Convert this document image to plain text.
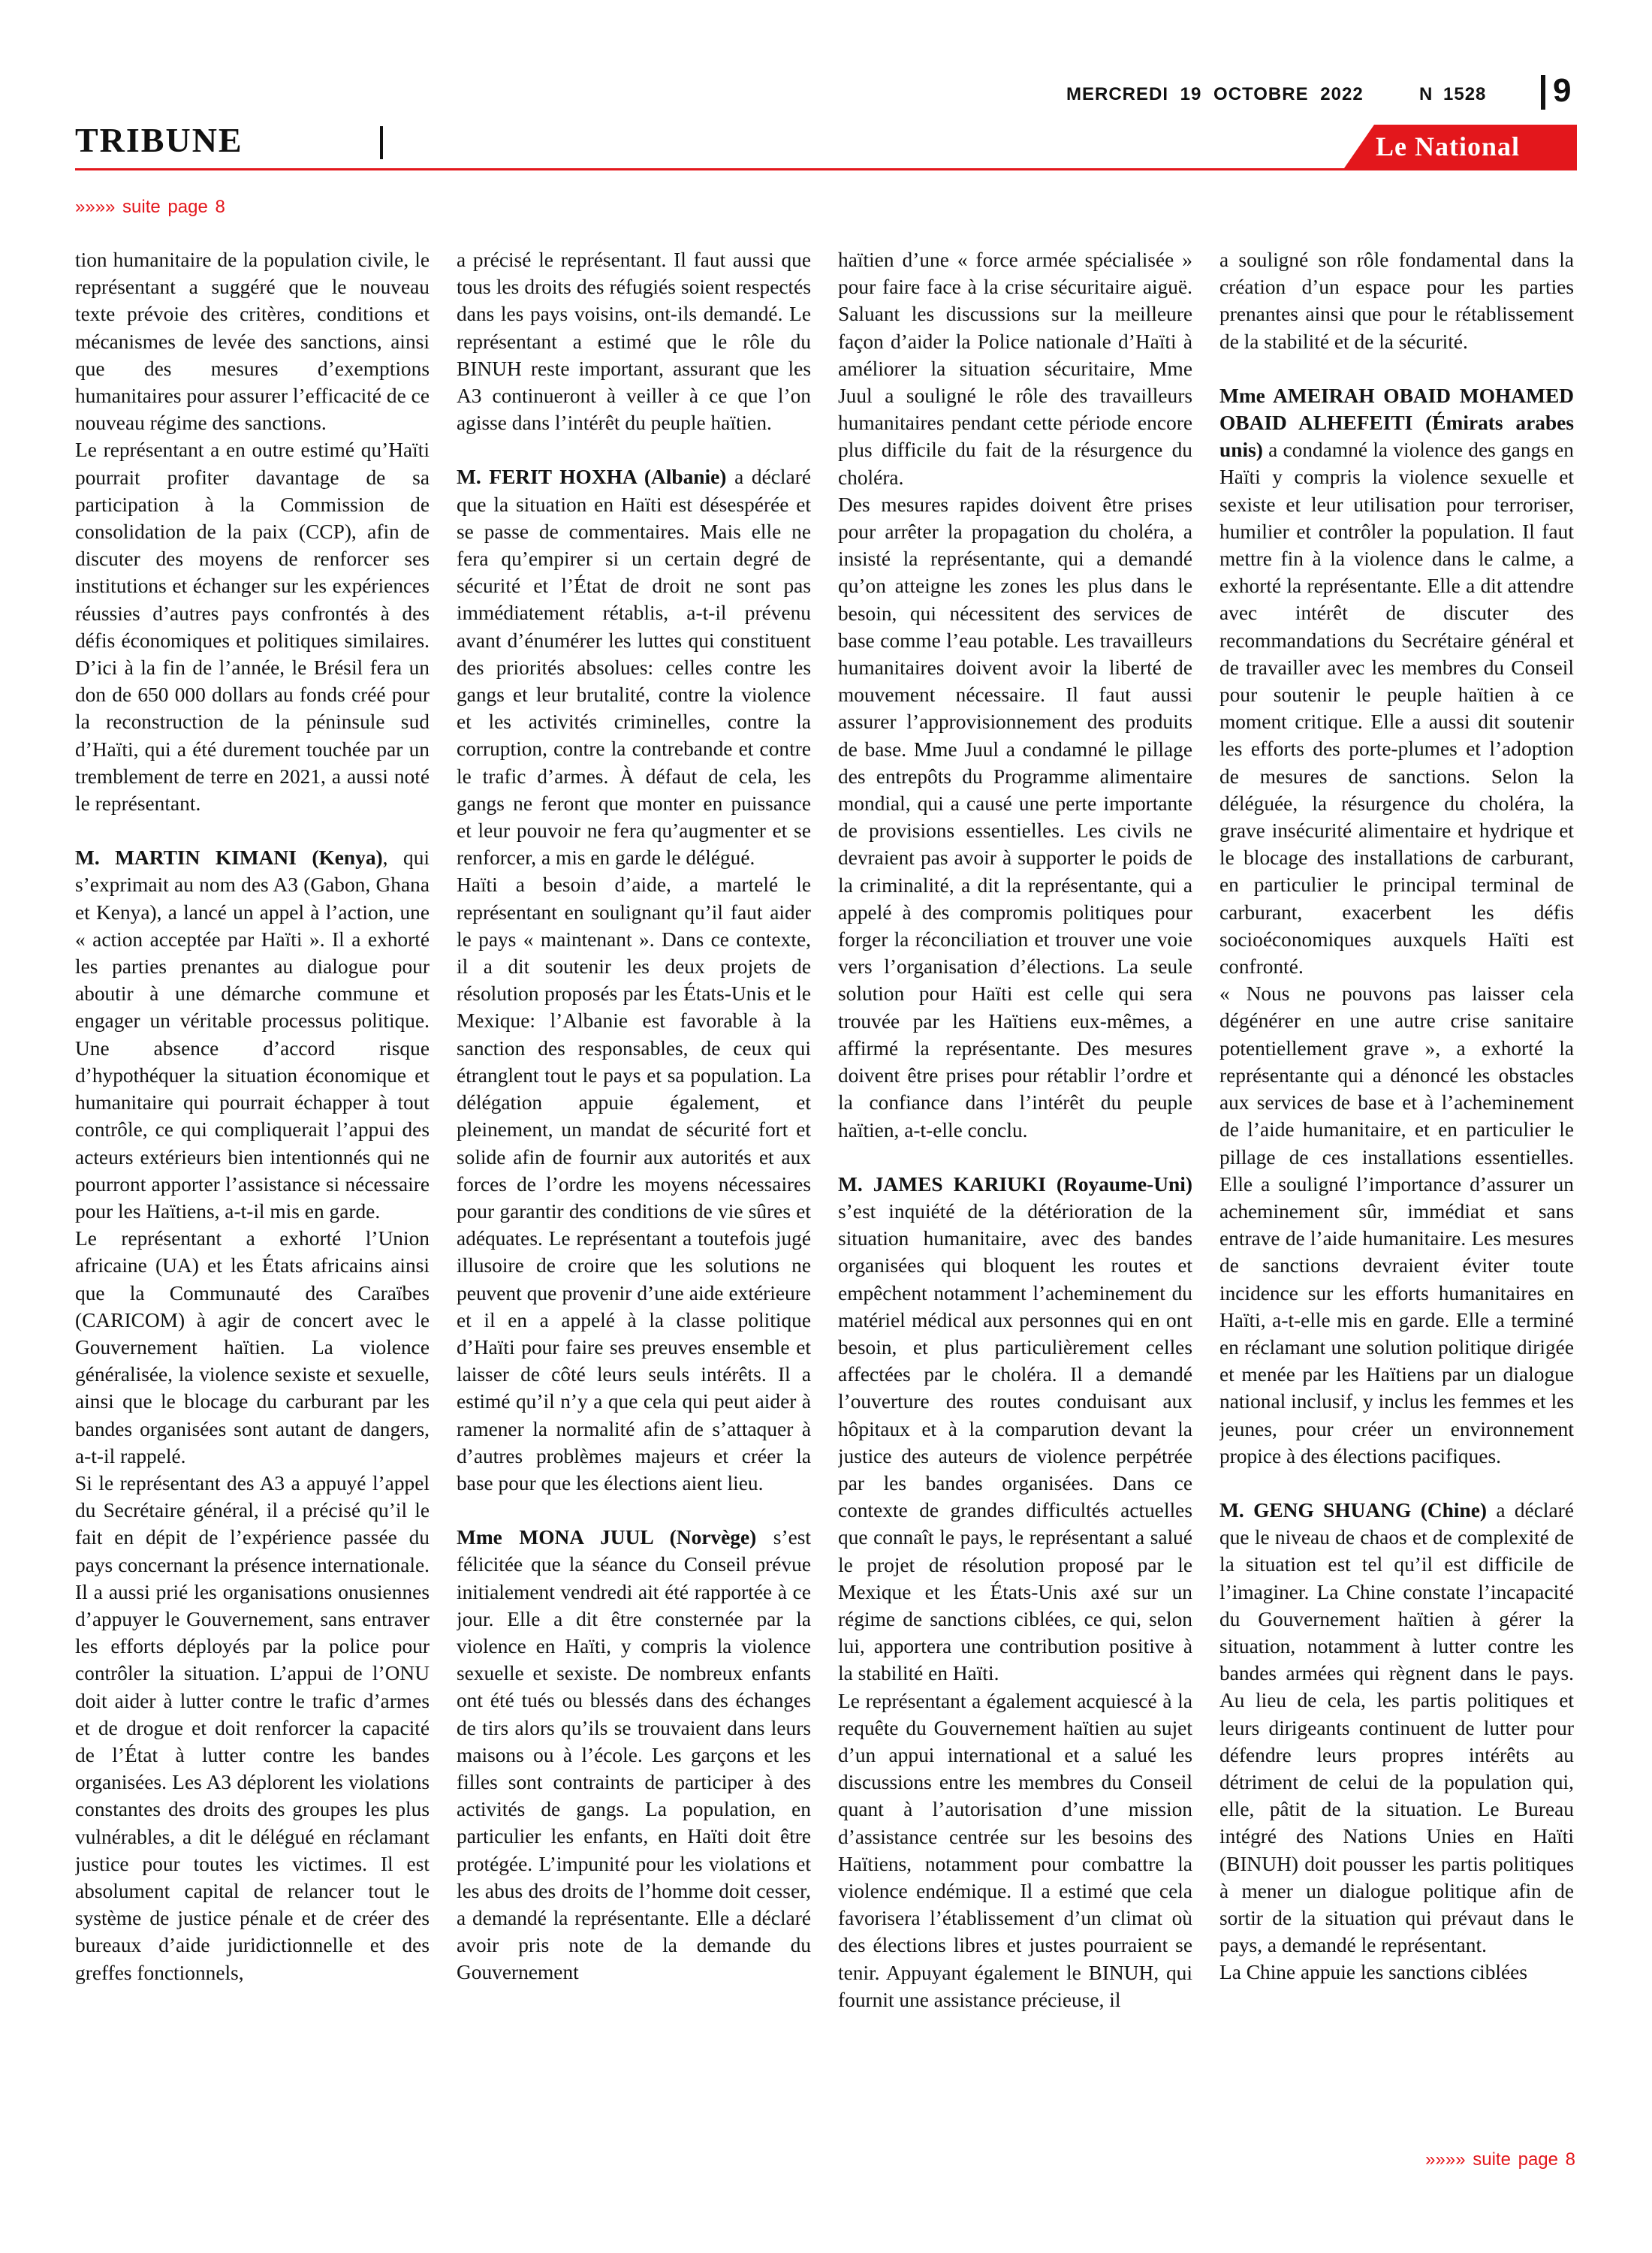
MERCREDI 19 OCTOBRE 2022	N 1528 9
TRIBUNE	Le National
»»»» suite page 8

tion humanitaire de la population civile, le représentant a suggéré que le nouveau texte prévoie des critères, conditions et mécanismes de levée des sanctions, ainsi que des mesures d’exemptions humanitaires pour assurer l’efficacité de ce nouveau régime des sanctions.

Le représentant a en outre estimé qu’Haïti pourrait profiter davantage de sa participation à la Commission de consolidation de la paix (CCP), afin de discuter des moyens de renforcer ses institutions et échanger sur les expériences réussies d’autres pays confrontés à des défis économiques et politiques similaires. D’ici à la fin de l’année, le Brésil fera un don de 650 000 dollars au fonds créé pour la reconstruction de la péninsule sud d’Haïti, qui a été durement touchée par un tremblement de terre en 2021, a aussi noté le représentant.

M. MARTIN KIMANI (Kenya), qui s’exprimait au nom des A3 (Gabon, Ghana et Kenya), a lancé un appel à l’action, une « action acceptée par Haïti ». Il a exhorté les parties prenantes au dialogue pour aboutir à une démarche commune et engager un véritable processus politique. Une absence d’accord risque d’hypothéquer la situation économique et humanitaire qui pourrait échapper à tout contrôle, ce qui compliquerait l’appui des acteurs extérieurs bien intentionnés qui ne pourront apporter l’assistance si nécessaire pour les Haïtiens, a-t-il mis en garde.

Le représentant a exhorté l’Union africaine (UA) et les États africains ainsi que la Communauté des Caraïbes (CARICOM) à agir de concert avec le Gouvernement haïtien. La violence généralisée, la violence sexiste et sexuelle, ainsi que le blocage du carburant par les bandes organisées sont autant de dangers, a-t-il rappelé.

Si le représentant des A3 a appuyé l’appel du Secrétaire général, il a précisé qu’il le fait en dépit de l’expérience passée du pays concernant la présence internationale. Il a aussi prié les organisations onusiennes d’appuyer le Gouvernement, sans entraver les efforts déployés par la police pour contrôler la situation. L’appui de l’ONU doit aider à lutter contre le trafic d’armes et de drogue et doit renforcer la capacité de l’État à lutter contre les bandes organisées. Les A3 déplorent les violations constantes des droits des groupes les plus vulnérables, a dit le délégué en réclamant justice pour toutes les victimes. Il est absolument capital de relancer tout le système de justice pénale et de créer des bureaux d’aide juridictionnelle et des greffes fonctionnels,

a précisé le représentant. Il faut aussi que tous les droits des réfugiés soient respectés dans les pays voisins, ont-ils demandé. Le représentant a estimé que le rôle du BINUH reste important, assurant que les A3 continueront à veiller à ce que l’on agisse dans l’intérêt du peuple haïtien.

M. FERIT HOXHA (Albanie) a déclaré que la situation en Haïti est désespérée et se passe de commentaires. Mais elle ne fera qu’empirer si un certain degré de sécurité et l’État de droit ne sont pas immédiatement rétablis, a-t-il prévenu avant d’énumérer les luttes qui constituent des priorités absolues: celles contre les gangs et leur brutalité, contre la violence et les activités criminelles, contre la corruption, contre la contrebande et contre le trafic d’armes. À défaut de cela, les gangs ne feront que monter en puissance et leur pouvoir ne fera qu’augmenter et se renforcer, a mis en garde le délégué.

Haïti a besoin d’aide, a martelé le représentant en soulignant qu’il faut aider le pays « maintenant ». Dans ce contexte, il a dit soutenir les deux projets de résolution proposés par les États-Unis et le Mexique: l’Albanie est favorable à la sanction des responsables, de ceux qui étranglent tout le pays et sa population. La délégation appuie également, et pleinement, un mandat de sécurité fort et solide afin de fournir aux autorités et aux forces de l’ordre les moyens nécessaires pour garantir des conditions de vie sûres et adéquates. Le représentant a toutefois jugé illusoire de croire que les solutions ne peuvent que provenir d’une aide extérieure et il en a appelé à la classe politique d’Haïti pour faire ses preuves ensemble et laisser de côté leurs seuls intérêts. Il a estimé qu’il n’y a que cela qui peut aider à ramener la normalité afin de s’attaquer à d’autres problèmes majeurs et créer la base pour que les élections aient lieu.

Mme MONA JUUL (Norvège) s’est félicitée que la séance du Conseil prévue initialement vendredi ait été rapportée à ce jour. Elle a dit être consternée par la violence en Haïti, y compris la violence sexuelle et sexiste. De nombreux enfants ont été tués ou blessés dans des échanges de tirs alors qu’ils se trouvaient dans leurs maisons ou à l’école. Les garçons et les filles sont contraints de participer à des activités de gangs. La population, en particulier les enfants, en Haïti doit être protégée. L’impunité pour les violations et les abus des droits de l’homme doit cesser, a demandé la représentante. Elle a déclaré avoir pris note de la demande du Gouvernement

haïtien d’une « force armée spécialisée » pour faire face à la crise sécuritaire aiguë. Saluant les discussions sur la meilleure façon d’aider la Police nationale d’Haïti à améliorer la situation sécuritaire, Mme Juul a souligné le rôle des travailleurs humanitaires pendant cette période encore plus difficile du fait de la résurgence du choléra.

Des mesures rapides doivent être prises pour arrêter la propagation du choléra, a insisté la représentante, qui a demandé qu’on atteigne les zones les plus dans le besoin, qui nécessitent des services de base comme l’eau potable. Les travailleurs humanitaires doivent avoir la liberté de mouvement nécessaire. Il faut aussi assurer l’approvisionnement des produits de base. Mme Juul a condamné le pillage des entrepôts du Programme alimentaire mondial, qui a causé une perte importante de provisions essentielles. Les civils ne devraient pas avoir à supporter le poids de la criminalité, a dit la représentante, qui a appelé à des compromis politiques pour forger la réconciliation et trouver une voie vers l’organisation d’élections. La seule solution pour Haïti est celle qui sera trouvée par les Haïtiens eux-mêmes, a affirmé la représentante. Des mesures doivent être prises pour rétablir l’ordre et la confiance dans l’intérêt du peuple haïtien, a-t-elle conclu.

M. JAMES KARIUKI (Royaume-Uni) s’est inquiété de la détérioration de la situation humanitaire, avec des bandes organisées qui bloquent les routes et empêchent notamment l’acheminement du matériel médical aux personnes qui en ont besoin, et plus particulièrement celles affectées par le choléra. Il a demandé l’ouverture des routes conduisant aux hôpitaux et à la comparution devant la justice des auteurs de violence perpétrée par les bandes organisées. Dans ce contexte de grandes difficultés actuelles que connaît le pays, le représentant a salué le projet de résolution proposé par le Mexique et les États-Unis axé sur un régime de sanctions ciblées, ce qui, selon lui, apportera une contribution positive à la stabilité en Haïti.

Le représentant a également acquiescé à la requête du Gouvernement haïtien au sujet d’un appui international et a salué les discussions entre les membres du Conseil quant à l’autorisation d’une mission d’assistance centrée sur les besoins des Haïtiens, notamment pour combattre la violence endémique. Il a estimé que cela favorisera l’établissement d’un climat où des élections libres et justes pourraient se tenir. Appuyant également le BINUH, qui fournit une assistance précieuse, il

a souligné son rôle fondamental dans la création d’un espace pour les parties prenantes ainsi que pour le rétablissement de la stabilité et de la sécurité.

Mme AMEIRAH OBAID MOHAMED OBAID ALHEFEITI (Émirats arabes unis) a condamné la violence des gangs en Haïti y compris la violence sexuelle et sexiste et leur utilisation pour terroriser, humilier et contrôler la population. Il faut mettre fin à la violence dans le calme, a exhorté la représentante. Elle a dit attendre avec intérêt de discuter des recommandations du Secrétaire général et de travailler avec les membres du Conseil pour soutenir le peuple haïtien à ce moment critique. Elle a aussi dit soutenir les efforts des porte-plumes et l’adoption de mesures de sanctions. Selon la déléguée, la résurgence du choléra, la grave insécurité alimentaire et hydrique et le blocage des installations de carburant, en particulier le principal terminal de carburant, exacerbent les défis socioéconomiques auxquels Haïti est confronté.

« Nous ne pouvons pas laisser cela dégénérer en une autre crise sanitaire potentiellement grave », a exhorté la représentante qui a dénoncé les obstacles aux services de base et à l’acheminement de l’aide humanitaire, et en particulier le pillage de ces installations essentielles. Elle a souligné l’importance d’assurer un acheminement sûr, immédiat et sans entrave de l’aide humanitaire. Les mesures de sanctions devraient éviter toute incidence sur les efforts humanitaires en Haïti, a-t-elle mis en garde. Elle a terminé en réclamant une solution politique dirigée et menée par les Haïtiens par un dialogue national inclusif, y inclus les femmes et les jeunes, pour créer un environnement propice à des élections pacifiques.

M. GENG SHUANG (Chine) a déclaré que le niveau de chaos et de complexité de la situation est tel qu’il est difficile de l’imaginer. La Chine constate l’incapacité du Gouvernement haïtien à gérer la situation, notamment à lutter contre les bandes armées qui règnent dans le pays. Au lieu de cela, les partis politiques et leurs dirigeants continuent de lutter pour défendre leurs propres intérêts au détriment de celui de la population qui, elle, pâtit de la situation. Le Bureau intégré des Nations Unies en Haïti (BINUH) doit pousser les partis politiques à mener un dialogue politique afin de sortir de la situation qui prévaut dans le pays, a demandé le représentant.

La Chine appuie les sanctions ciblées

»»»» suite page 8
